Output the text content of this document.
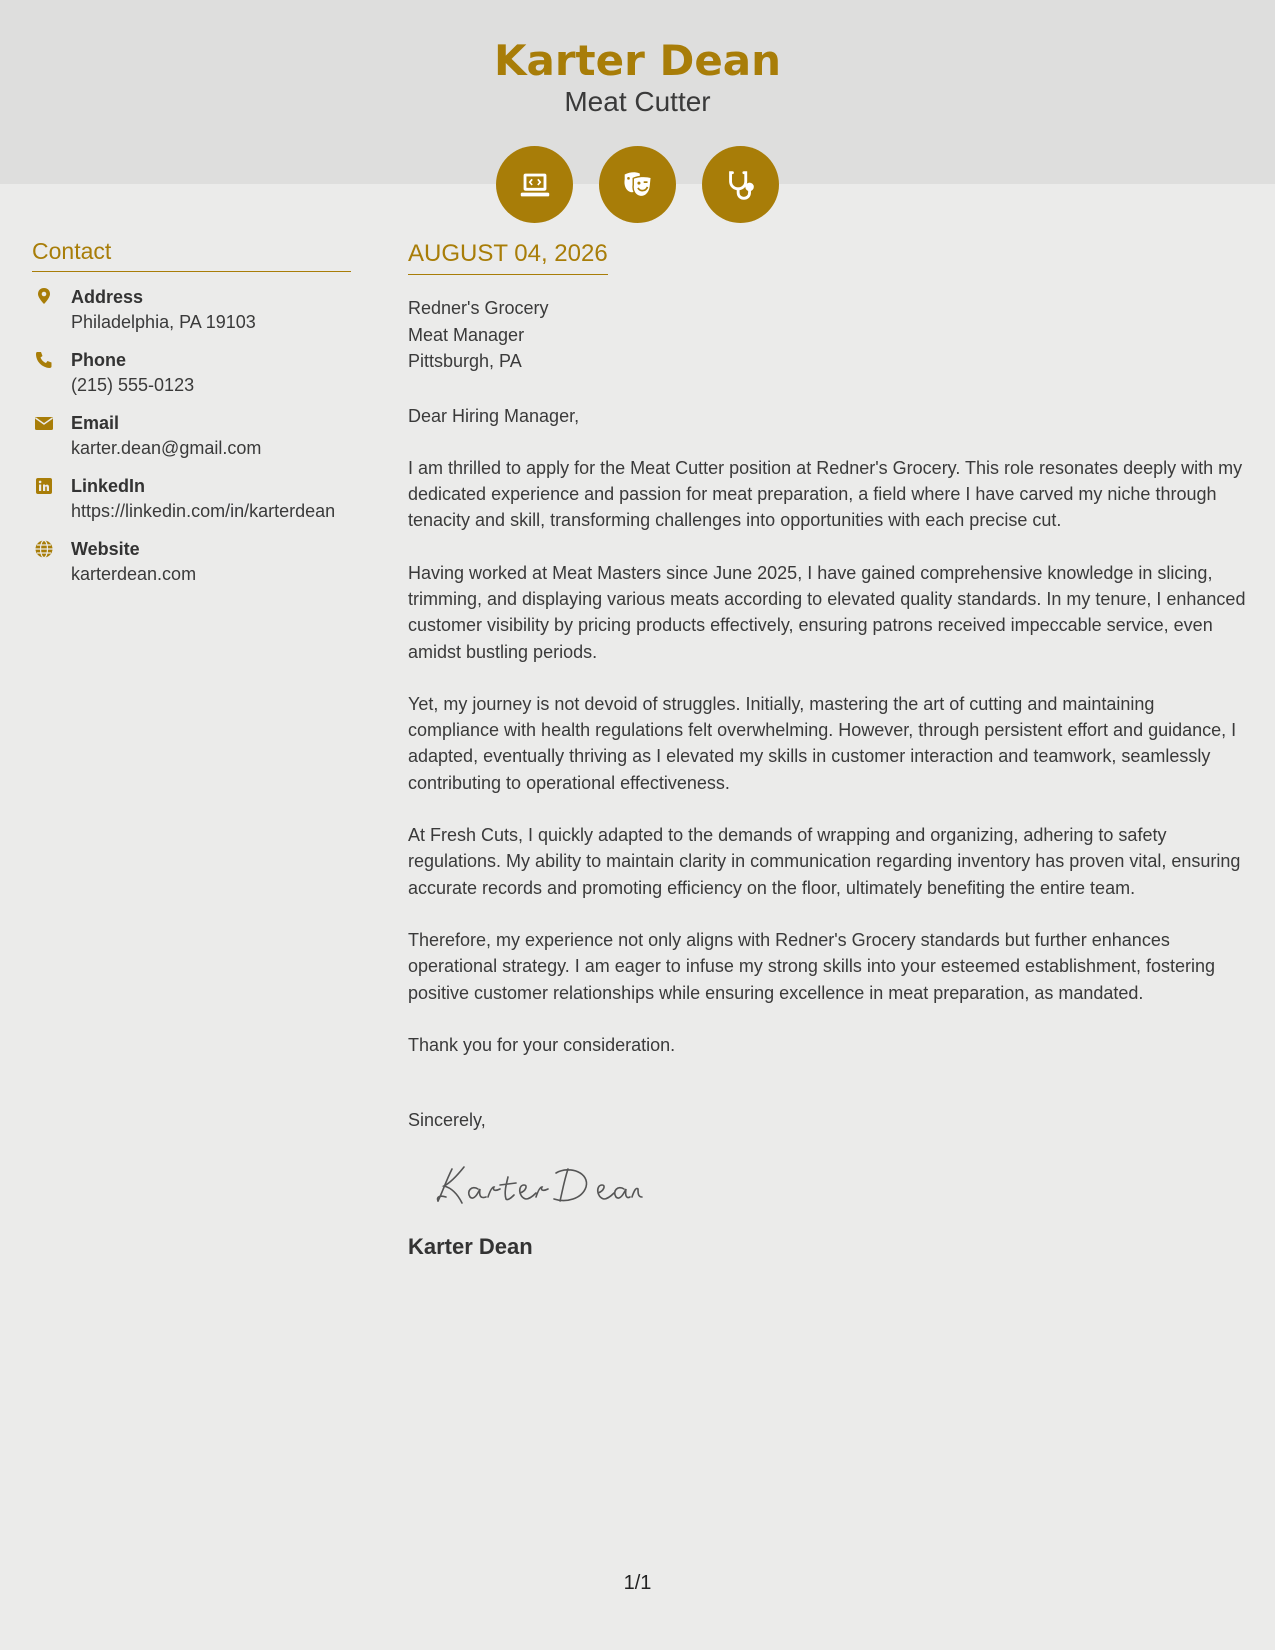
Karter Dean
Meat Cutter
Contact
Address
Philadelphia, PA 19103
Phone
(215) 555-0123
Email
karter.dean@gmail.com
LinkedIn
https://linkedin.com/in/karterdean
Website
karterdean.com
AUGUST 04, 2026
Redner's Grocery
Meat Manager
Pittsburgh, PA

Dear Hiring Manager,

I am thrilled to apply for the Meat Cutter position at Redner's Grocery. This role resonates deeply with my dedicated experience and passion for meat preparation, a field where I have carved my niche through tenacity and skill, transforming challenges into opportunities with each precise cut.

Having worked at Meat Masters since June 2025, I have gained comprehensive knowledge in slicing, trimming, and displaying various meats according to elevated quality standards. In my tenure, I enhanced customer visibility by pricing products effectively, ensuring patrons received impeccable service, even amidst bustling periods.

Yet, my journey is not devoid of struggles. Initially, mastering the art of cutting and maintaining compliance with health regulations felt overwhelming. However, through persistent effort and guidance, I adapted, eventually thriving as I elevated my skills in customer interaction and teamwork, seamlessly contributing to operational effectiveness.

At Fresh Cuts, I quickly adapted to the demands of wrapping and organizing, adhering to safety regulations. My ability to maintain clarity in communication regarding inventory has proven vital, ensuring accurate records and promoting efficiency on the floor, ultimately benefiting the entire team.

Therefore, my experience not only aligns with Redner's Grocery standards but further enhances operational strategy. I am eager to infuse my strong skills into your esteemed establishment, fostering positive customer relationships while ensuring excellence in meat preparation, as mandated.

Thank you for your consideration.

Sincerely,
Karter Dean
1/1
